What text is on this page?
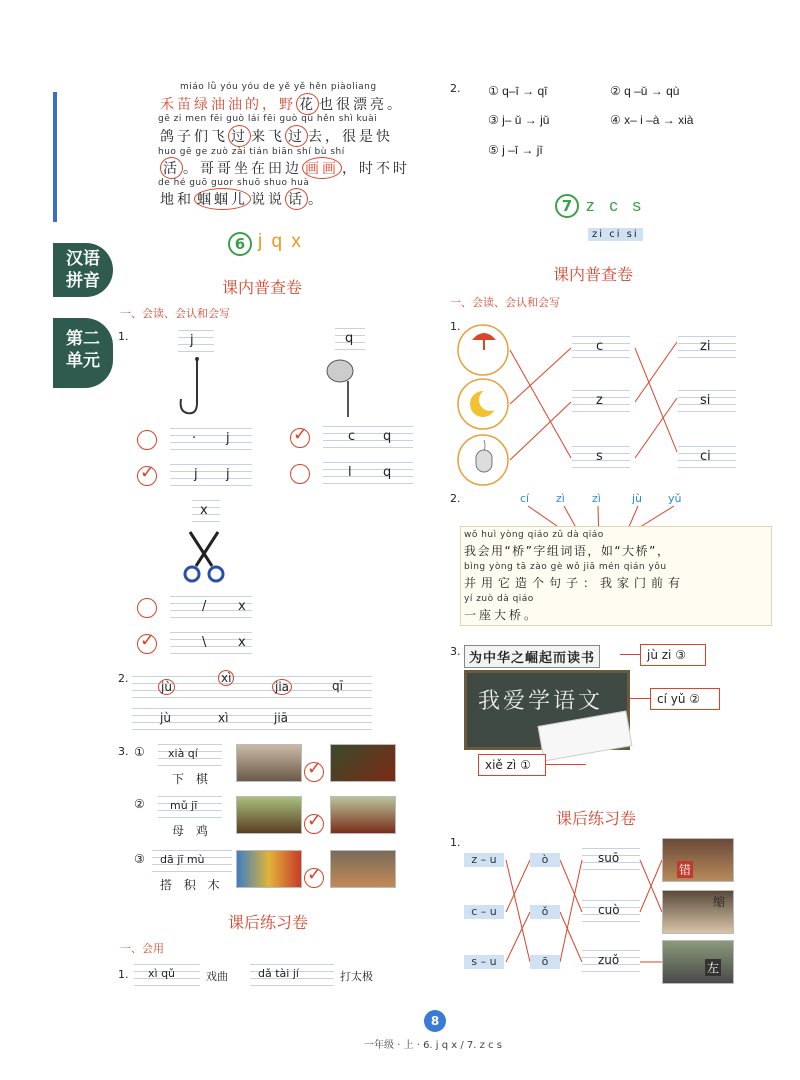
汉语
拼音
第二
单元
miáo lǜ yóu yóu de yě yě hěn piàoliang
禾苗绿油油的，野 花 也很漂亮。
gē zi men fēi guò lái fēi guò qù hěn shì kuài
鸽子们飞 过 来飞 过 去，很是快
huo gē ge zuò zài tián biān shí bù shí
活 。哥哥坐在田边 画画 ，时不时
de hé guō guor shuō shuo huà
地和 蝈蝈儿 说说 话 。
6 j q x
课内普查卷
一、会读、会认和会写
1.	j	q
· j
✓
j j
✓
c q
l q
x
/ x
✓
\ x
2.
jù
xì
jia	qī
jù	xì	jiā
3. ① xià qí
下 棋
✓
② mǔ jī
母 鸡
✓
③ dā jī mù
搭 积 木
✓
课后练习卷
一、会用
1. xì qǔ	戏曲	dǎ tài jí	打太极
2. ① q–ī → qī	② q –ǔ → qù
③ j– ǔ → jǔ	④ x– i –à → xià
⑤ j –ī → jī
7 z c s
zi ci si
课内普查卷
一、会读、会认和会写
1.
c
z
s
zi
si
ci
2.	cí zì zì	jù yǔ
wǒ huì yòng qiáo zǔ dà qiáo
我会用“桥”字组词语，如“大桥”，
bìng yòng tā zào gè wǒ jiā mén qián yǒu
并用它造个句子：我家门前有
yí zuò dà qiáo
一座大桥。
3. 为中华之崛起而读书	jù zi ③
我爱学语文	cí yǔ ②
xiě zì ①
课后练习卷
1.
z – u
c – u
s – u
ò
ǒ
ō
suō
cuò
zuǒ
错
缩
左
8
一年级 · 上 · 6. j q x / 7. z c s
